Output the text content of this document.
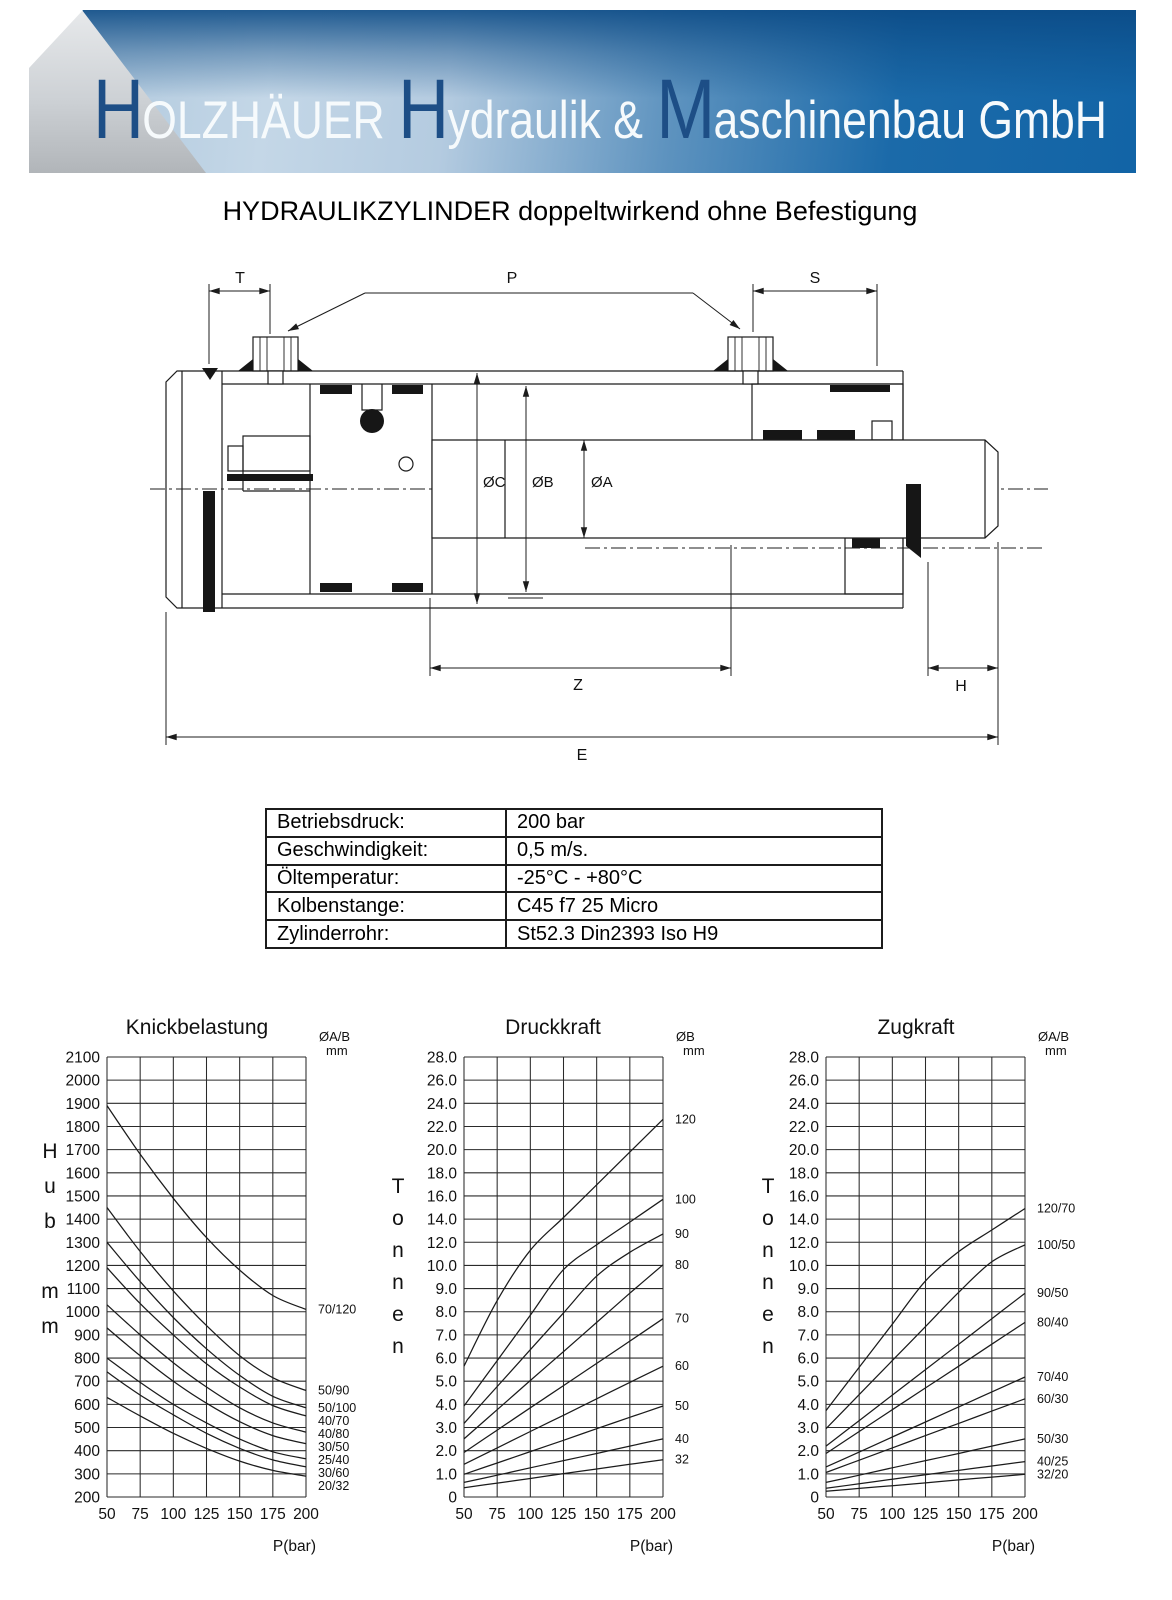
H OLZHÄUER H ydraulik & M aschinenbau GmbH
HYDRAULIKZYLINDER doppeltwirkend ohne Befestigung
T	P	S
ØC ØB ØA
Z	H
E
50 75 100 125 150 175 200
200
300
400
500
600
700
800
900
1000
1100
1200
1300
1400
1500
1600
1700
1800
1900
2000
2100
Knickbelastung	ØA/B
mm
H
u
b
m
m
P(bar)
70/120
50/90
50/100
40/70
40/80
30/50
25/40
30/60
20/32
50 75 100 125 150 175 200
0
1.0
2.0
3.0
4.0
5.0
6.0
7.0
8.0
9.0
10.0
12.0
14.0
16.0
18.0
20.0
22.0
24.0
26.0
28.0
Druckkraft	ØB
mm
T
o
n
n
e
n
P(bar)
120
100
90
80
70
60
50
40
32
50 75 100 125 150 175 200
0
1.0
2.0
3.0
4.0
5.0
6.0
7.0
8.0
9.0
10.0
12.0
14.0
16.0
18.0
20.0
22.0
24.0
26.0
28.0
Zugkraft	ØA/B
mm
T
o
n
n
e
n
P(bar)
120/70
100/50
90/50
80/40
70/40
60/30
50/30
40/25
32/20
Betriebsdruck:	200 bar
Geschwindigkeit:	0,5 m/s.
Öltemperatur:	-25°C - +80°C
Kolbenstange:	C45 f7 25 Micro
Zylinderrohr:	St52.3 Din2393 Iso H9
